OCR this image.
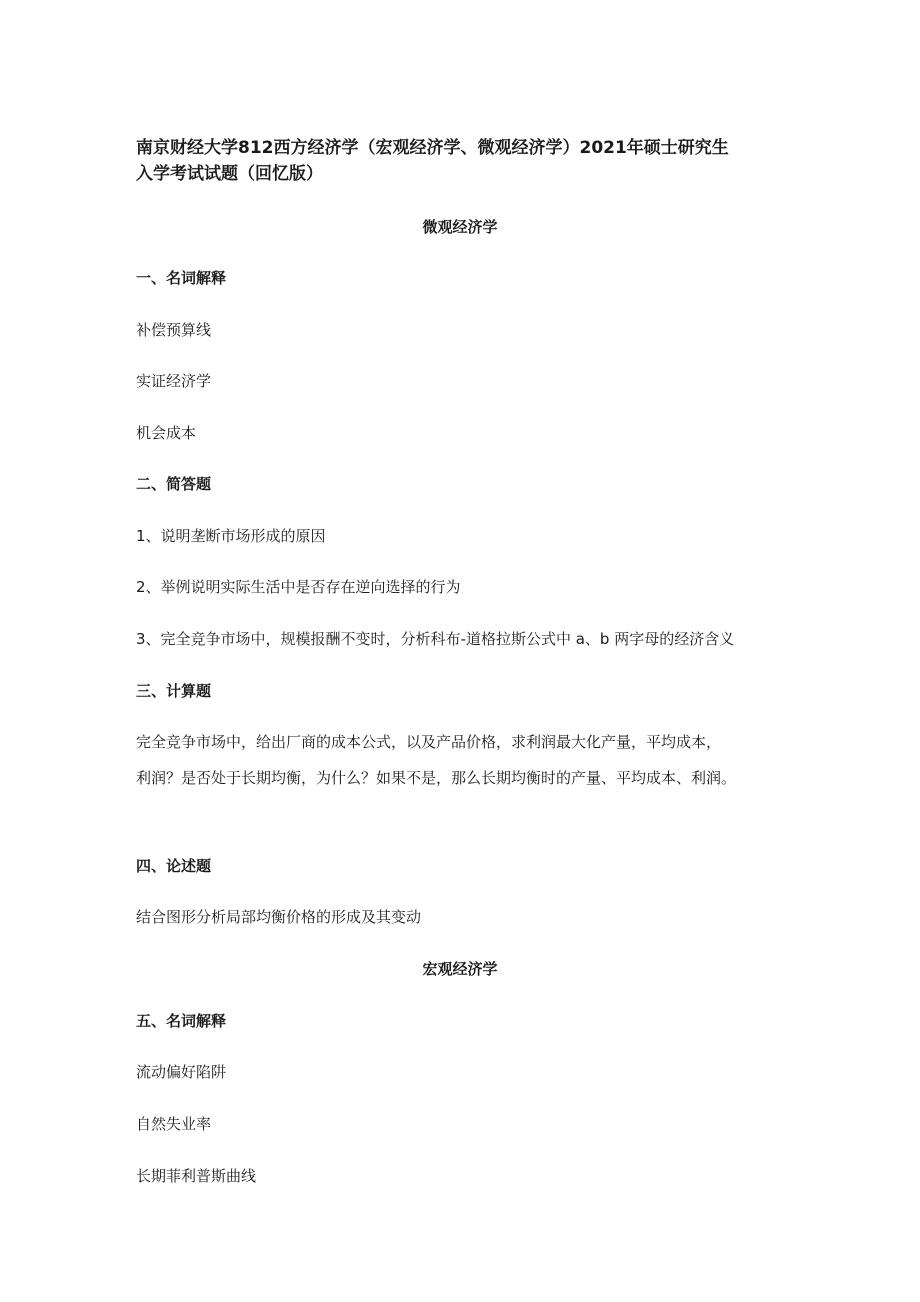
南京财经大学812西方经济学（宏观经济学、微观经济学）2021年硕士研究生
入学考试试题（回忆版）
微观经济学
一、名词解释
补偿预算线
实证经济学
机会成本
二、简答题
1、说明垄断市场形成的原因
2、举例说明实际生活中是否存在逆向选择的行为
3、完全竞争市场中，规模报酬不变时，分析科布-道格拉斯公式中 a、b 两字母的经济含义
三、计算题
完全竞争市场中，给出厂商的成本公式，以及产品价格，求利润最大化产量，平均成本，
利润？是否处于长期均衡，为什么？如果不是，那么长期均衡时的产量、平均成本、利润。
四、论述题
结合图形分析局部均衡价格的形成及其变动
宏观经济学
五、名词解释
流动偏好陷阱
自然失业率
长期菲利普斯曲线
